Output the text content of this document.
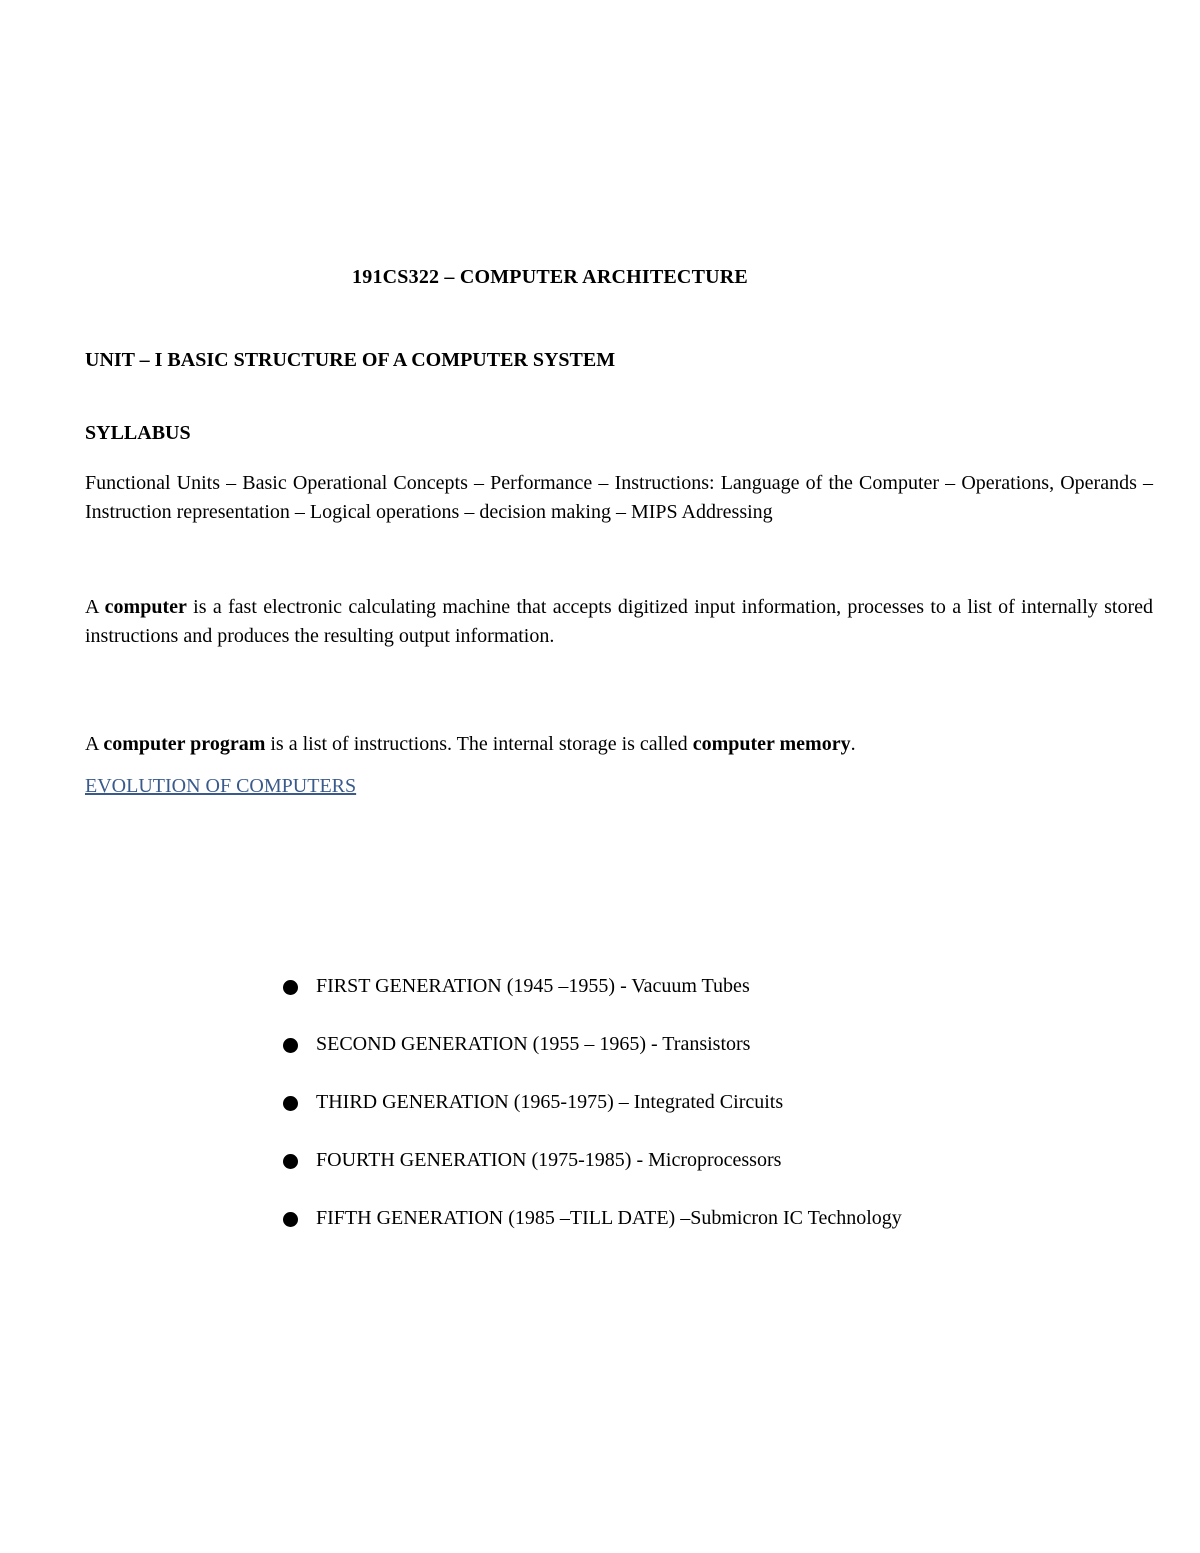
191CS322 – COMPUTER ARCHITECTURE
UNIT – I BASIC STRUCTURE OF A COMPUTER SYSTEM
SYLLABUS
Functional Units – Basic Operational Concepts – Performance – Instructions: Language of the Computer – Operations, Operands – Instruction representation – Logical operations – decision making – MIPS Addressing
A computer is a fast electronic calculating machine that accepts digitized input information, processes to a list of internally stored instructions and produces the resulting output information.
A computer program is a list of instructions. The internal storage is called computer memory.
EVOLUTION OF COMPUTERS
FIRST GENERATION (1945 –1955) - Vacuum Tubes
SECOND GENERATION (1955 – 1965) - Transistors
THIRD GENERATION (1965-1975) – Integrated Circuits
FOURTH GENERATION (1975-1985) - Microprocessors
FIFTH GENERATION (1985 –TILL DATE) –Submicron IC Technology
